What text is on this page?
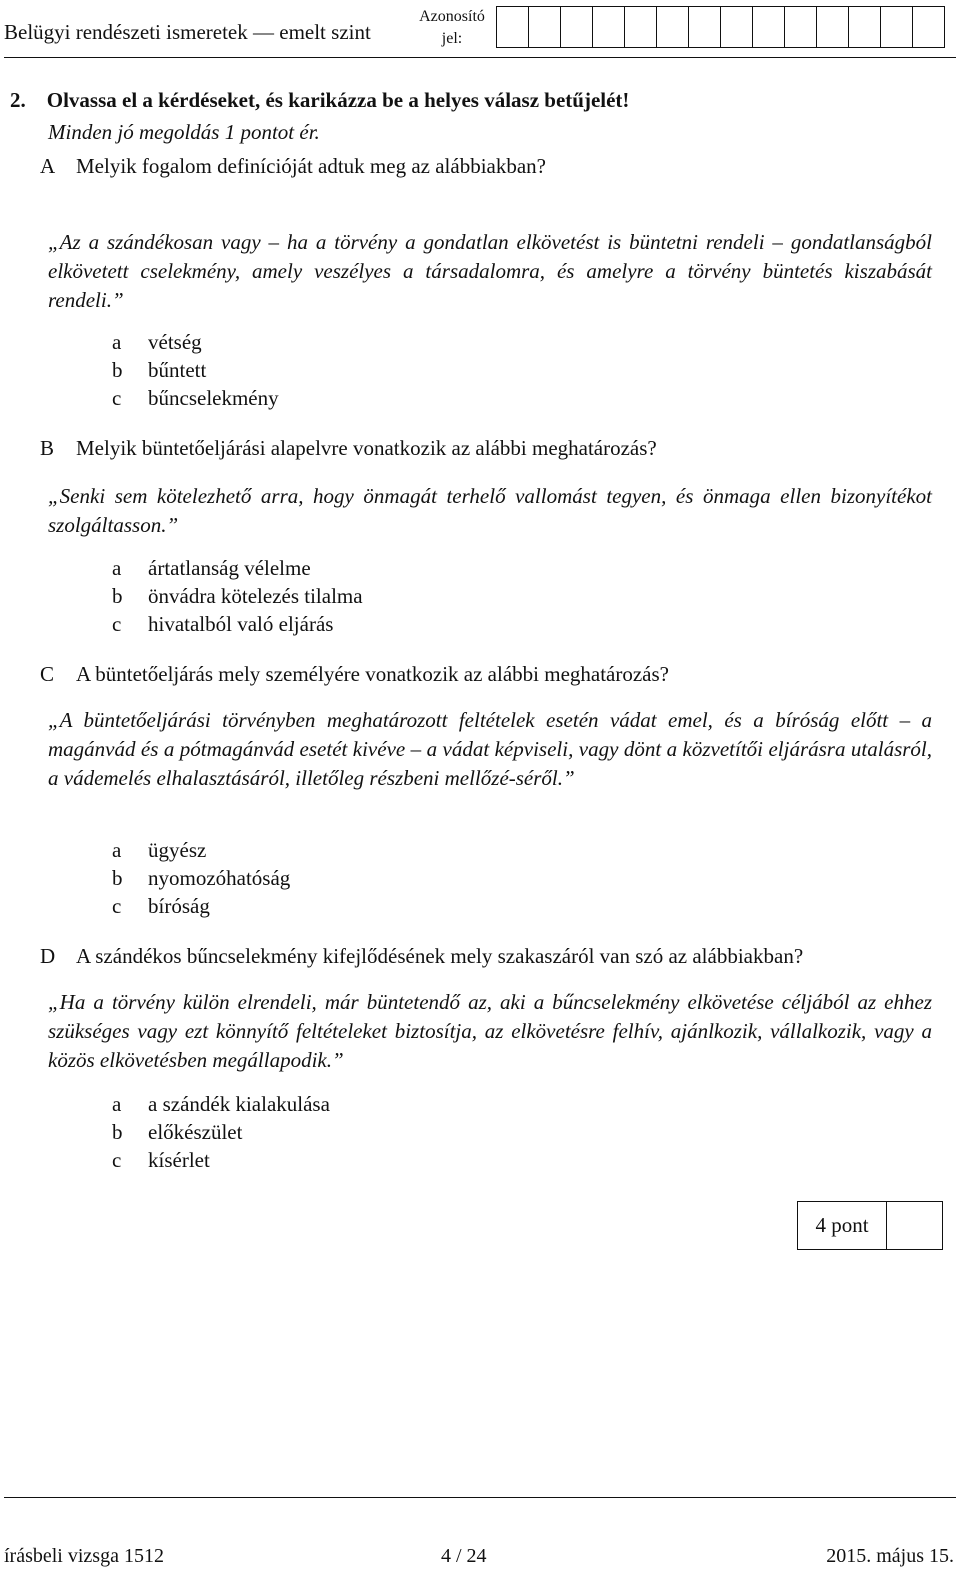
Belügyi rendészeti ismeretek — emelt szint
Azonosító
jel:
2. Olvassa el a kérdéseket, és karikázza be a helyes válasz betűjelét!
Minden jó megoldás 1 pontot ér.
A Melyik fogalom definícióját adtuk meg az alábbiakban?
„Az a szándékosan vagy – ha a törvény a gondatlan elkövetést is büntetni rendeli – gondatlanságból elkövetett cselekmény, amely veszélyes a társadalomra, és amelyre a törvény büntetés kiszabását rendeli.”
a vétség
b bűntett
c bűncselekmény
B Melyik büntetőeljárási alapelvre vonatkozik az alábbi meghatározás?
„Senki sem kötelezhető arra, hogy önmagát terhelő vallomást tegyen, és önmaga ellen bizonyítékot szolgáltasson.”
a ártatlanság vélelme
b önvádra kötelezés tilalma
c hivatalból való eljárás
C A büntetőeljárás mely személyére vonatkozik az alábbi meghatározás?
„A büntetőeljárási törvényben meghatározott feltételek esetén vádat emel, és a bíróság előtt – a magánvád és a pótmagánvád esetét kivéve – a vádat képviseli, vagy dönt a közvetítői eljárásra utalásról, a vádemelés elhalasztásáról, illetőleg részbeni mellőzé-séről.”
a ügyész
b nyomozóhatóság
c bíróság
D A szándékos bűncselekmény kifejlődésének mely szakaszáról van szó az alábbiakban?
„Ha a törvény külön elrendeli, már büntetendő az, aki a bűncselekmény elkövetése céljából az ehhez szükséges vagy ezt könnyítő feltételeket biztosítja, az elkövetésre felhív, ajánlkozik, vállalkozik, vagy a közös elkövetésben megállapodik.”
a a szándék kialakulása
b előkészület
c kísérlet
4 pont
írásbeli vizsga 1512	4 / 24	2015. május 15.
